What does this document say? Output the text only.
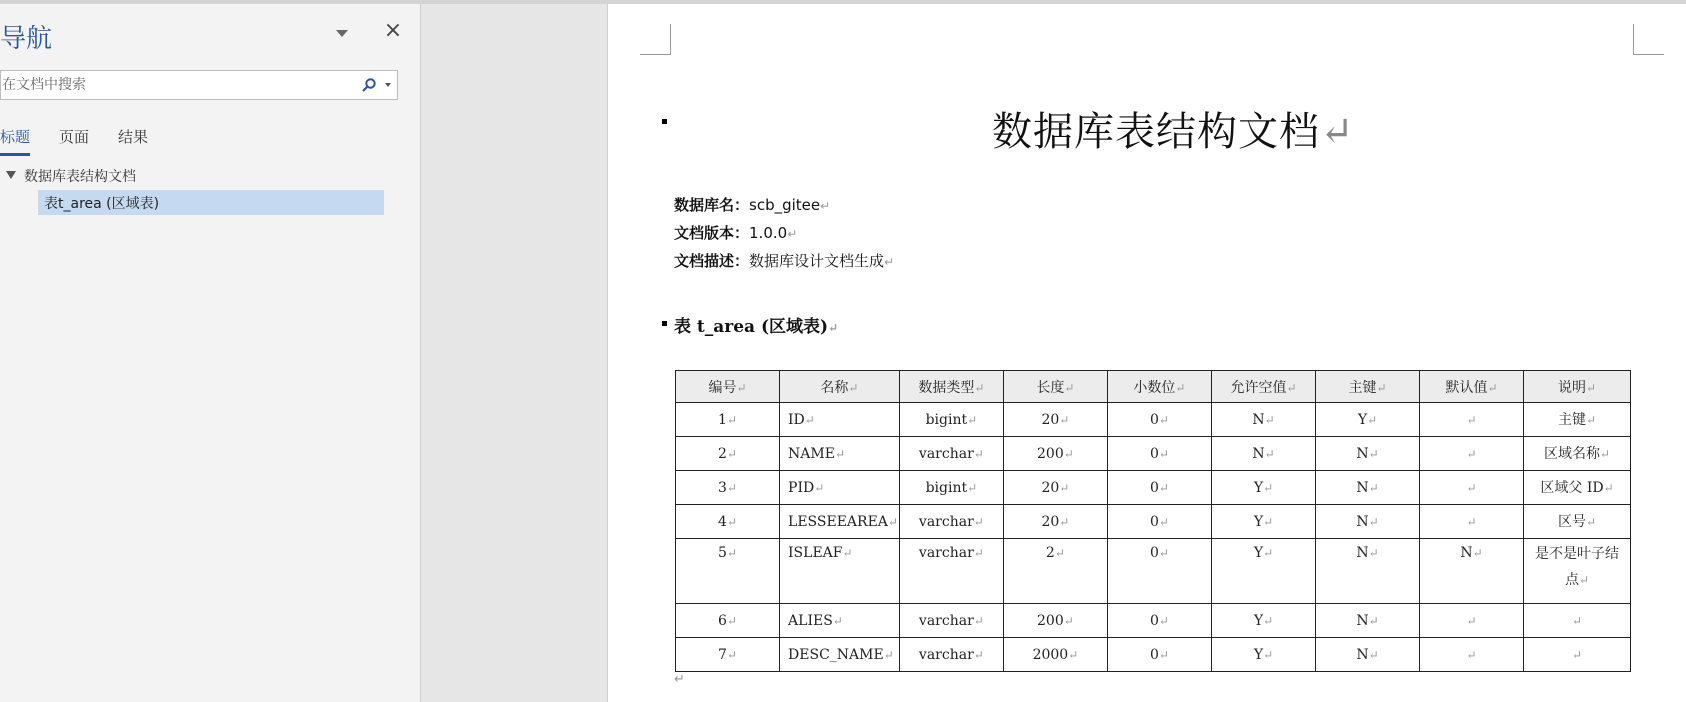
导航	×
在文档中搜索
标题 页面 结果
数据库表结构文档
表t_area (区域表)
数据库表结构文档↵
数据库名：scb_gitee↵
文档版本：1.0.0↵
文档描述：数据库设计文档生成↵
表 t_area (区域表)↵
编号↵	名称↵	数据类型↵	长度↵	小数位↵	允许空值↵	主键↵	默认值↵	说明↵
1↵	ID↵	bigint↵	20↵	0↵	N↵	Y↵	↵	主键↵
2↵	NAME↵	varchar↵	200↵	0↵	N↵	N↵	↵	区域名称↵
3↵	PID↵	bigint↵	20↵	0↵	Y↵	N↵	↵	区域父 ID↵
4↵	LESSEEAREA↵	varchar↵	20↵	0↵	Y↵	N↵	↵	区号↵
5↵	ISLEAF↵	varchar↵	2↵	0↵	Y↵	N↵	N↵	是不是叶子结点↵
6↵	ALIES↵	varchar↵	200↵	0↵	Y↵	N↵	↵	↵
7↵	DESC_NAME↵	varchar↵	2000↵	0↵	Y↵	N↵	↵	↵
↵
